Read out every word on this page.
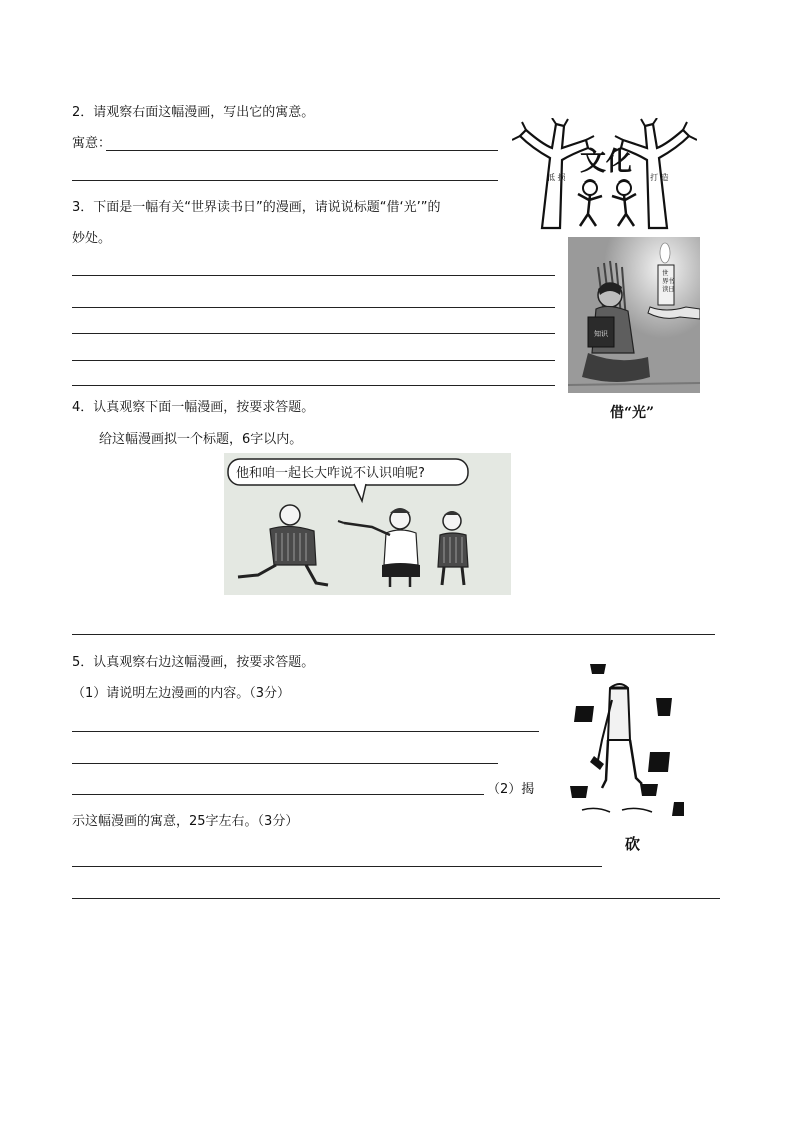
2．请观察右面这幅漫画，写出它的寓意。
寓意：
抵 损	打 造
文化
3．下面是一幅有关“世界读书日”的漫画，请说说标题“借‘光’”的
妙处。
知识
世界读书日
借“光”
4．认真观察下面一幅漫画，按要求答题。
给这幅漫画拟一个标题，6字以内。
他和咱一起长大咋说不认识咱呢?
5．认真观察右边这幅漫画，按要求答题。
（1）请说明左边漫画的内容。（3分）
（2）揭
示这幅漫画的寓意，25字左右。（3分）
砍
